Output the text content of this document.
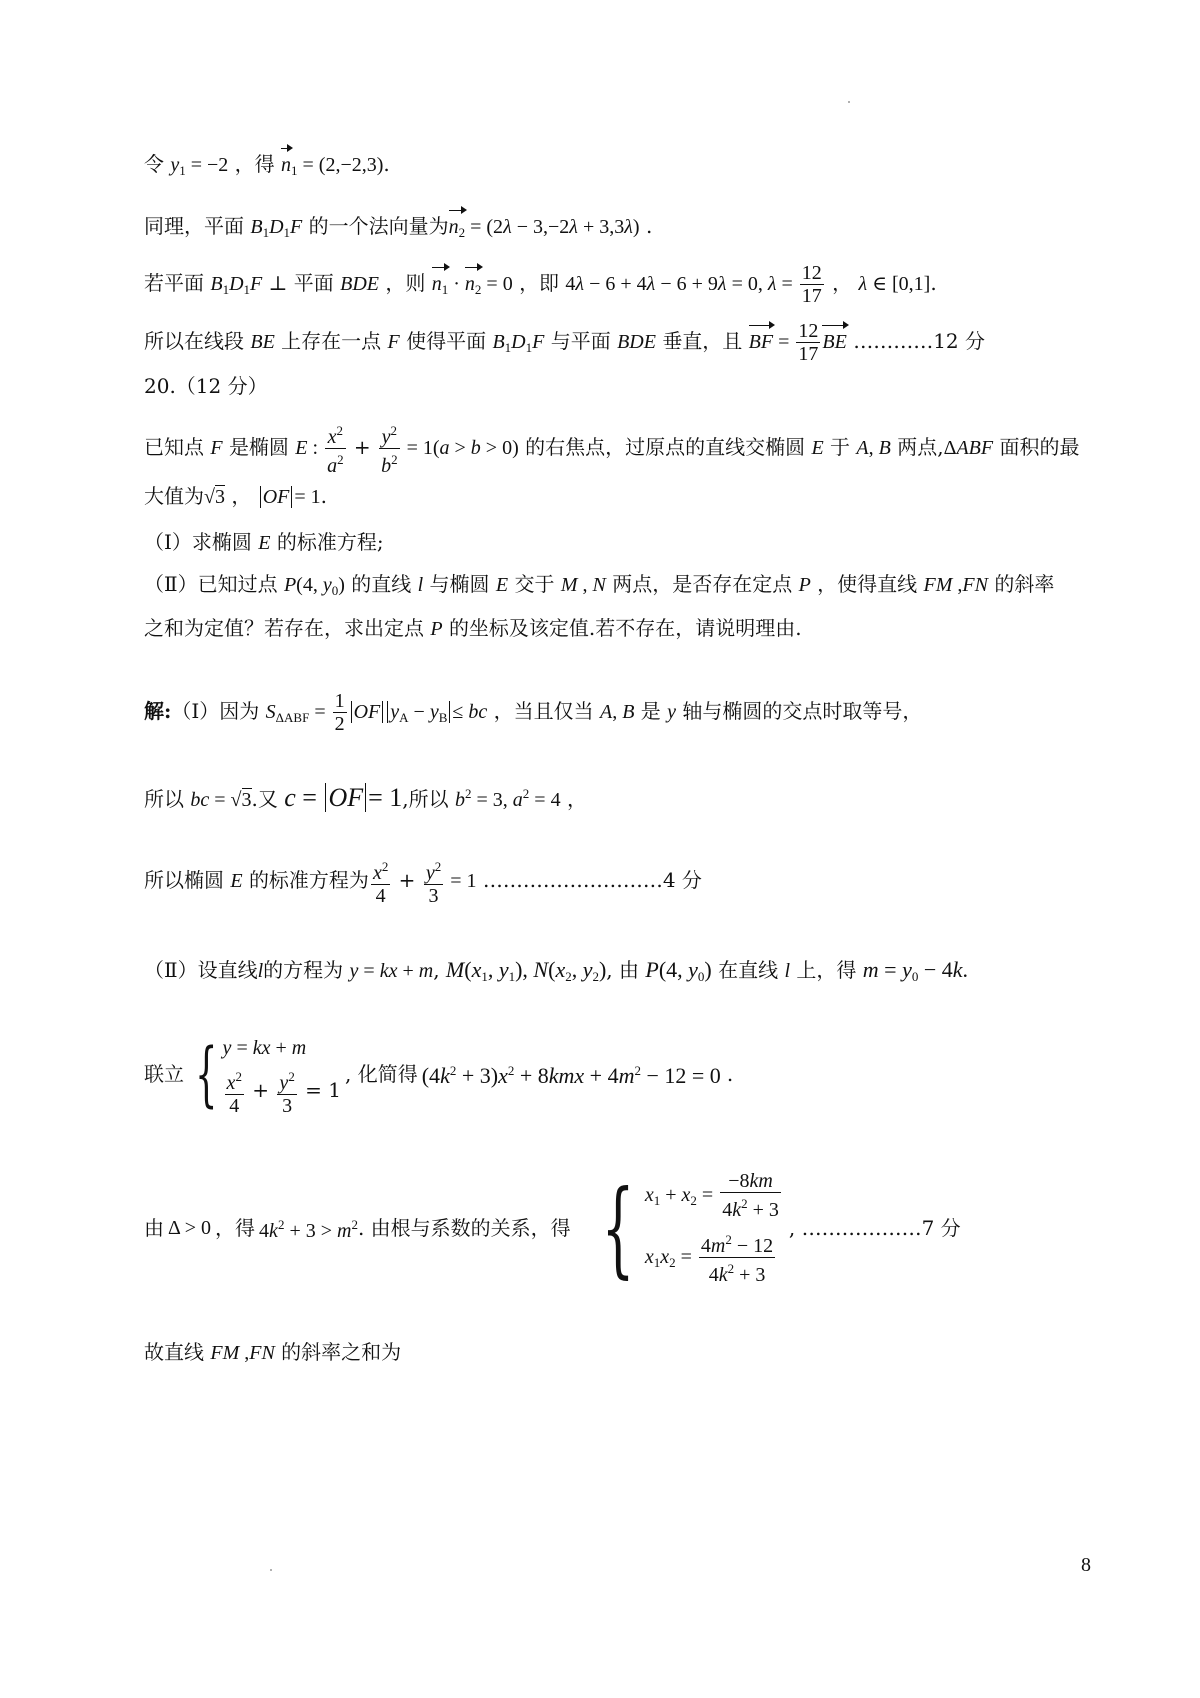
令 $y_1 = -2$ ，得 $n_1 = (2,-2,3)$.
同理，平面 $B_1D_1F$ 的一个法向量为$n_2 = (2\lambda - 3,-2\lambda + 3,3\lambda)$ .
若平面 $B_1D_1F$ ⊥ 平面 BDE ，则 $n_1 \cdot n_2 = 0$ ，即 4λ − 6 + 4λ − 6 + 9λ = 0, $\lambda = \frac{12}{17}$ ， λ ∈ [0,1].
所以在线段 BE 上存在一点 F 使得平面 $B_1D_1F$ 与平面 BDE 垂直，且 BF = $\frac{12}{17}$ BE …………12 分
20.（12 分）
已知点 F 是椭圆 E : $\frac{x^2}{a^2} + \frac{y^2}{b^2} = 1(a > b > 0)$ 的右焦点，过原点的直线交椭圆 E 于 A, B 两点,ΔABF 面积的最
大值为√3 ， OF = 1.
（Ⅰ）求椭圆 E 的标准方程;
（Ⅱ）已知过点 P(4, $y_0$) 的直线 l 与椭圆 E 交于 M , N 两点，是否存在定点 P ，使得直线 FM ,FN 的斜率
之和为定值？若存在，求出定点 P 的坐标及该定值.若不存在，请说明理由.
解:（Ⅰ）因为 $S_{\Delta ABF} = \frac{1}{2}$ OF $y_A - y_B$ ≤ bc ，当且仅当 A, B 是 y 轴与椭圆的交点时取等号，
所以 bc = √3.又 c = OF = 1,所以 $b^2 = 3$, $a^2 = 4$ ，
所以椭圆 E 的标准方程为 $\frac{x^2}{4} + \frac{y^2}{3} = 1$ ………………………4 分
（Ⅱ）设直线l的方程为 y = kx + m, $M(x_1$, $y_1$), $N(x_2$, $y_2$), 由 P(4, $y_0$) 在直线 l 上，得 $m = y_0 - 4k$.
联立 { y = kx + m
$\frac{x^2}{4} + \frac{y^2}{3} = 1$
, 化简得 $(4k^2 + 3)x^2 + 8kmx + 4m^2 - 12 = 0$ .
由 Δ > 0 ，得 $4k^2 + 3 > m^2$ . 由根与系数的关系，得 { $x_1 + x_2 = \frac{-8km}{4k^2 + 3}$
$x_1x_2 = \frac{4m^2 - 12}{4k^2 + 3}$
, ………………7 分
故直线 FM ,FN 的斜率之和为
8
